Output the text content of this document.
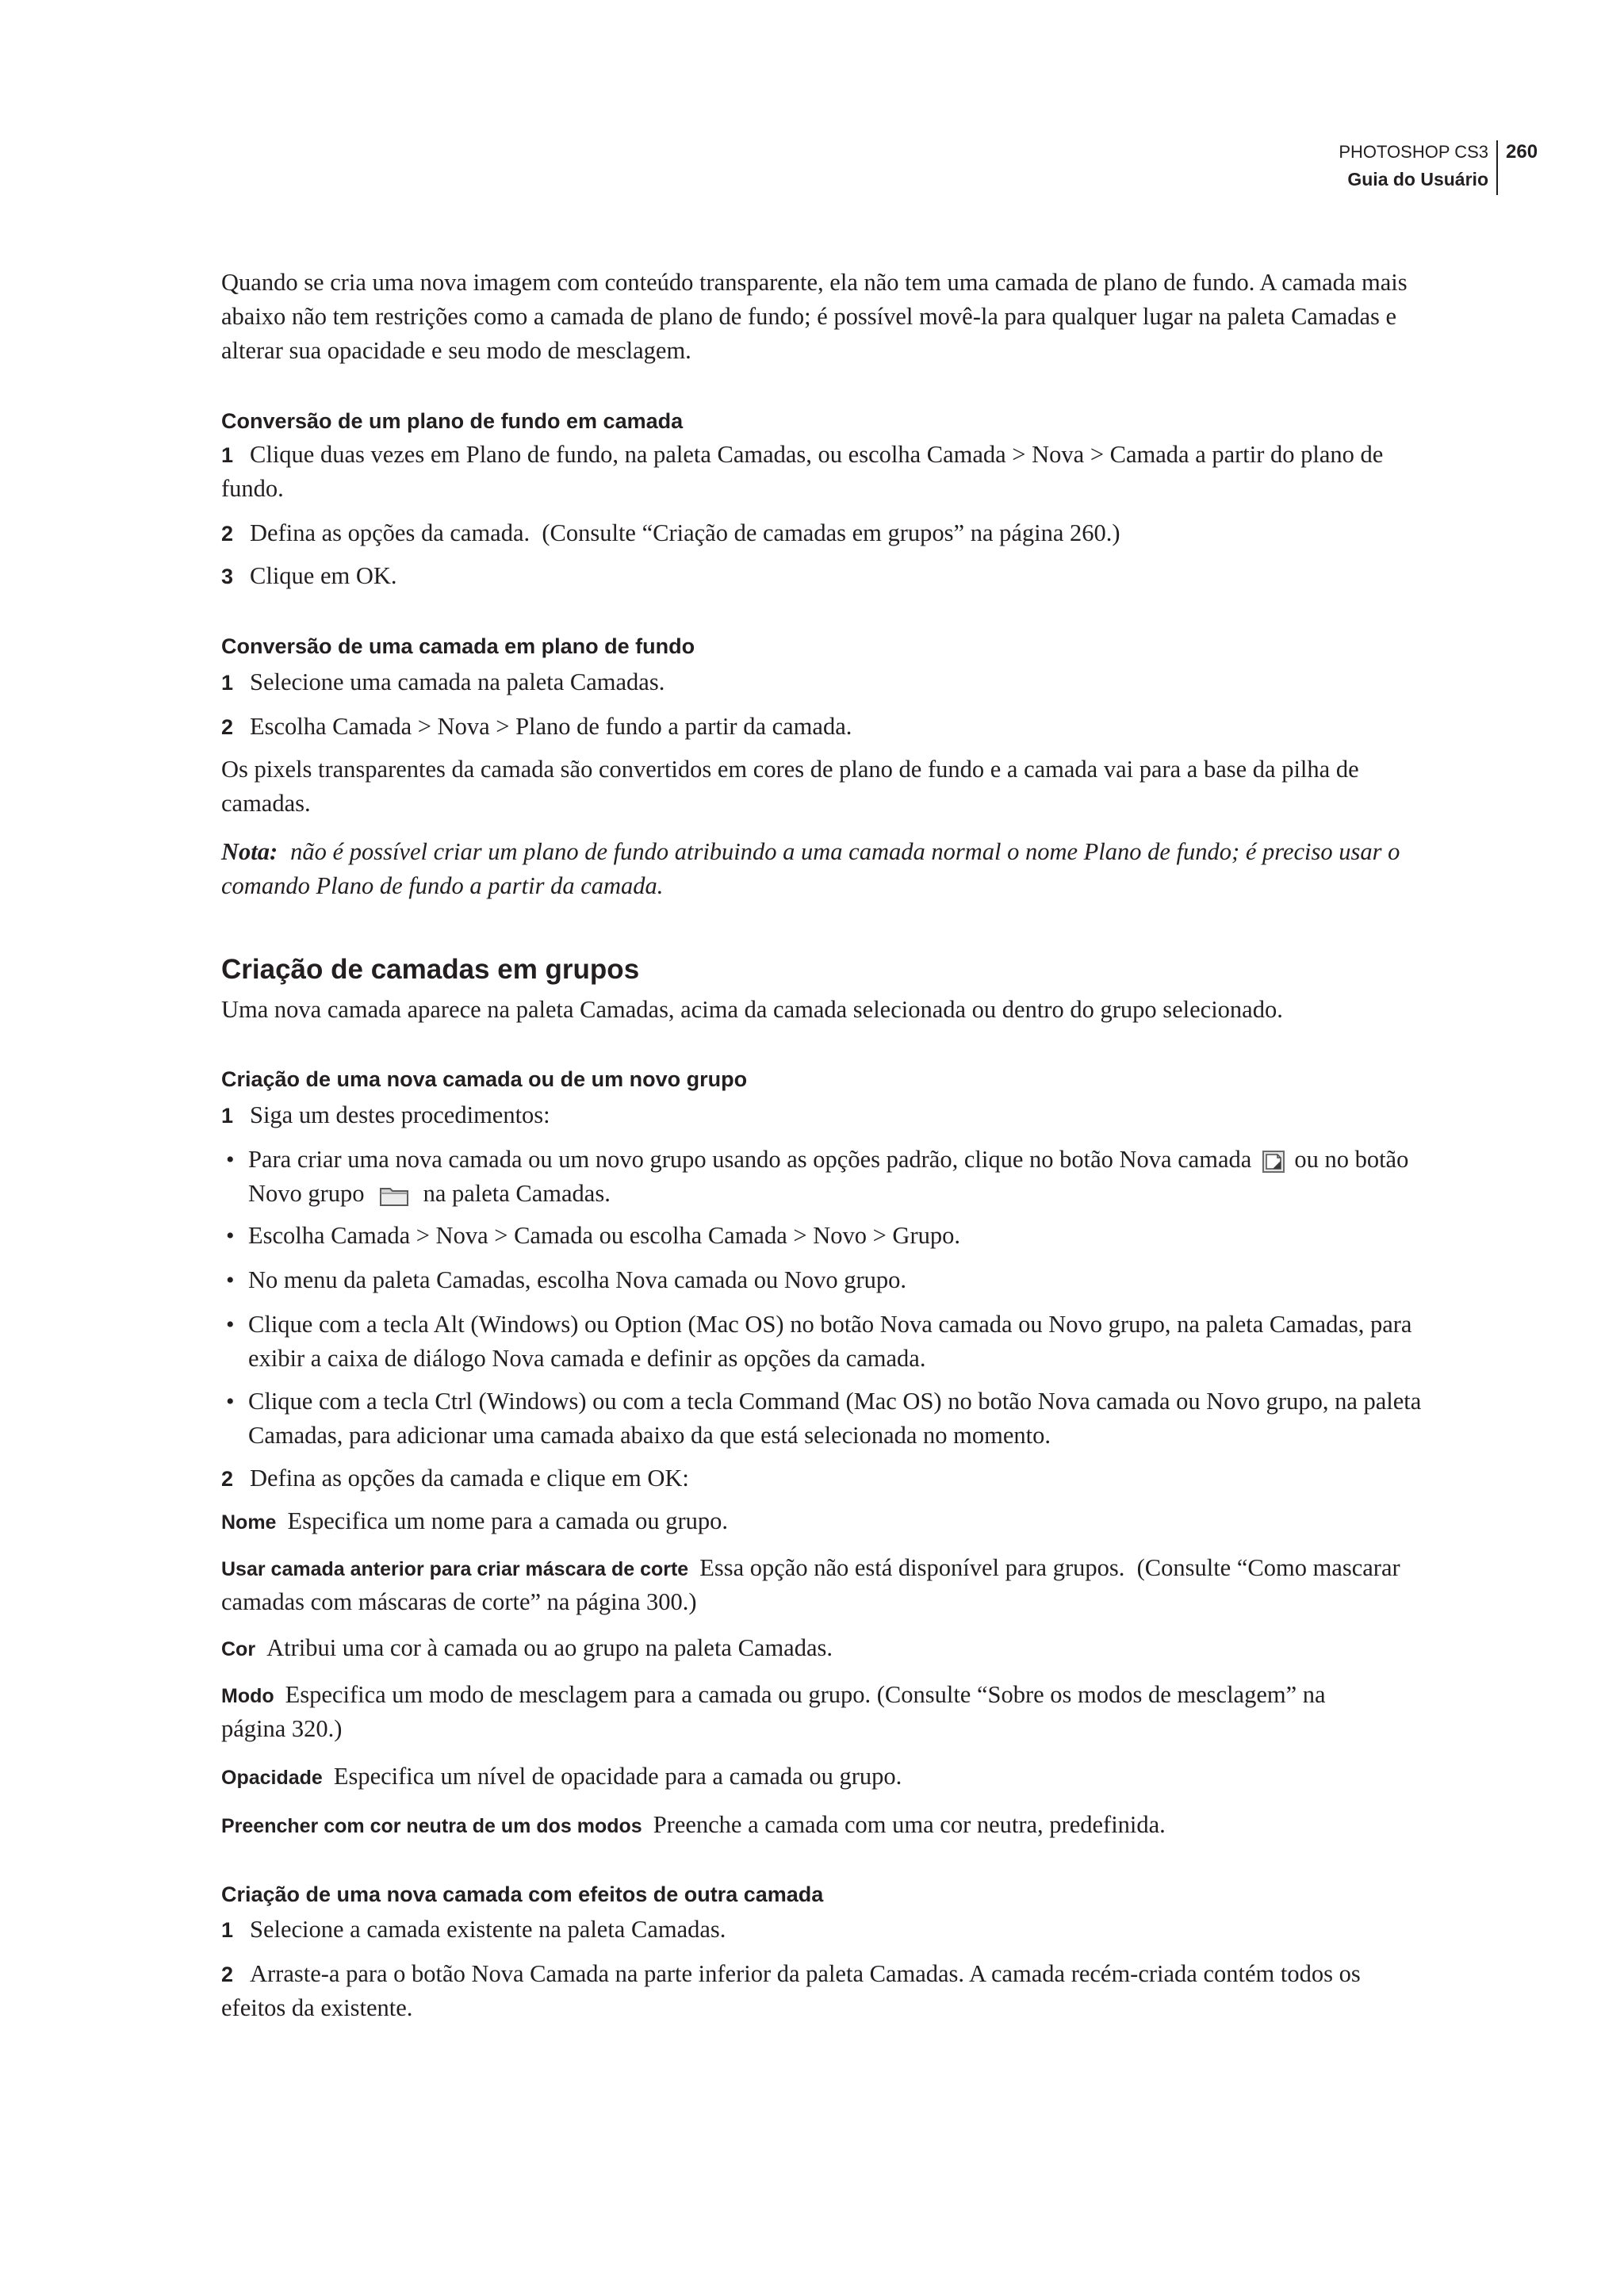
PHOTOSHOP CS3
Guia do Usuário
260
Quando se cria uma nova imagem com conteúdo transparente, ela não tem uma camada de plano de fundo. A camada mais
abaixo não tem restrições como a camada de plano de fundo; é possível movê-la para qualquer lugar na paleta Camadas e
alterar sua opacidade e seu modo de mesclagem.
Conversão de um plano de fundo em camada
1 Clique duas vezes em Plano de fundo, na paleta Camadas, ou escolha Camada > Nova > Camada a partir do plano de
fundo.
2 Defina as opções da camada.  (Consulte “Criação de camadas em grupos” na página 260.)
3 Clique em OK.
Conversão de uma camada em plano de fundo
1 Selecione uma camada na paleta Camadas.
2 Escolha Camada > Nova > Plano de fundo a partir da camada.
Os pixels transparentes da camada são convertidos em cores de plano de fundo e a camada vai para a base da pilha de
camadas.
Nota: não é possível criar um plano de fundo atribuindo a uma camada normal o nome Plano de fundo; é preciso usar o
comando Plano de fundo a partir da camada.
Criação de camadas em grupos
Uma nova camada aparece na paleta Camadas, acima da camada selecionada ou dentro do grupo selecionado.
Criação de uma nova camada ou de um novo grupo
1 Siga um destes procedimentos:
• Para criar uma nova camada ou um novo grupo usando as opções padrão, clique no botão Nova camada ou no botão
Novo grupo na paleta Camadas.
• Escolha Camada > Nova > Camada ou escolha Camada > Novo > Grupo.
• No menu da paleta Camadas, escolha Nova camada ou Novo grupo.
• Clique com a tecla Alt (Windows) ou Option (Mac OS) no botão Nova camada ou Novo grupo, na paleta Camadas, para
exibir a caixa de diálogo Nova camada e definir as opções da camada.
• Clique com a tecla Ctrl (Windows) ou com a tecla Command (Mac OS) no botão Nova camada ou Novo grupo, na paleta
Camadas, para adicionar uma camada abaixo da que está selecionada no momento.
2 Defina as opções da camada e clique em OK:
Nome Especifica um nome para a camada ou grupo.
Usar camada anterior para criar máscara de corte Essa opção não está disponível para grupos.  (Consulte “Como mascarar
camadas com máscaras de corte” na página 300.)
Cor Atribui uma cor à camada ou ao grupo na paleta Camadas.
Modo Especifica um modo de mesclagem para a camada ou grupo. (Consulte “Sobre os modos de mesclagem” na
página 320.)
Opacidade Especifica um nível de opacidade para a camada ou grupo.
Preencher com cor neutra de um dos modos Preenche a camada com uma cor neutra, predefinida.
Criação de uma nova camada com efeitos de outra camada
1 Selecione a camada existente na paleta Camadas.
2 Arraste-a para o botão Nova Camada na parte inferior da paleta Camadas. A camada recém-criada contém todos os
efeitos da existente.
